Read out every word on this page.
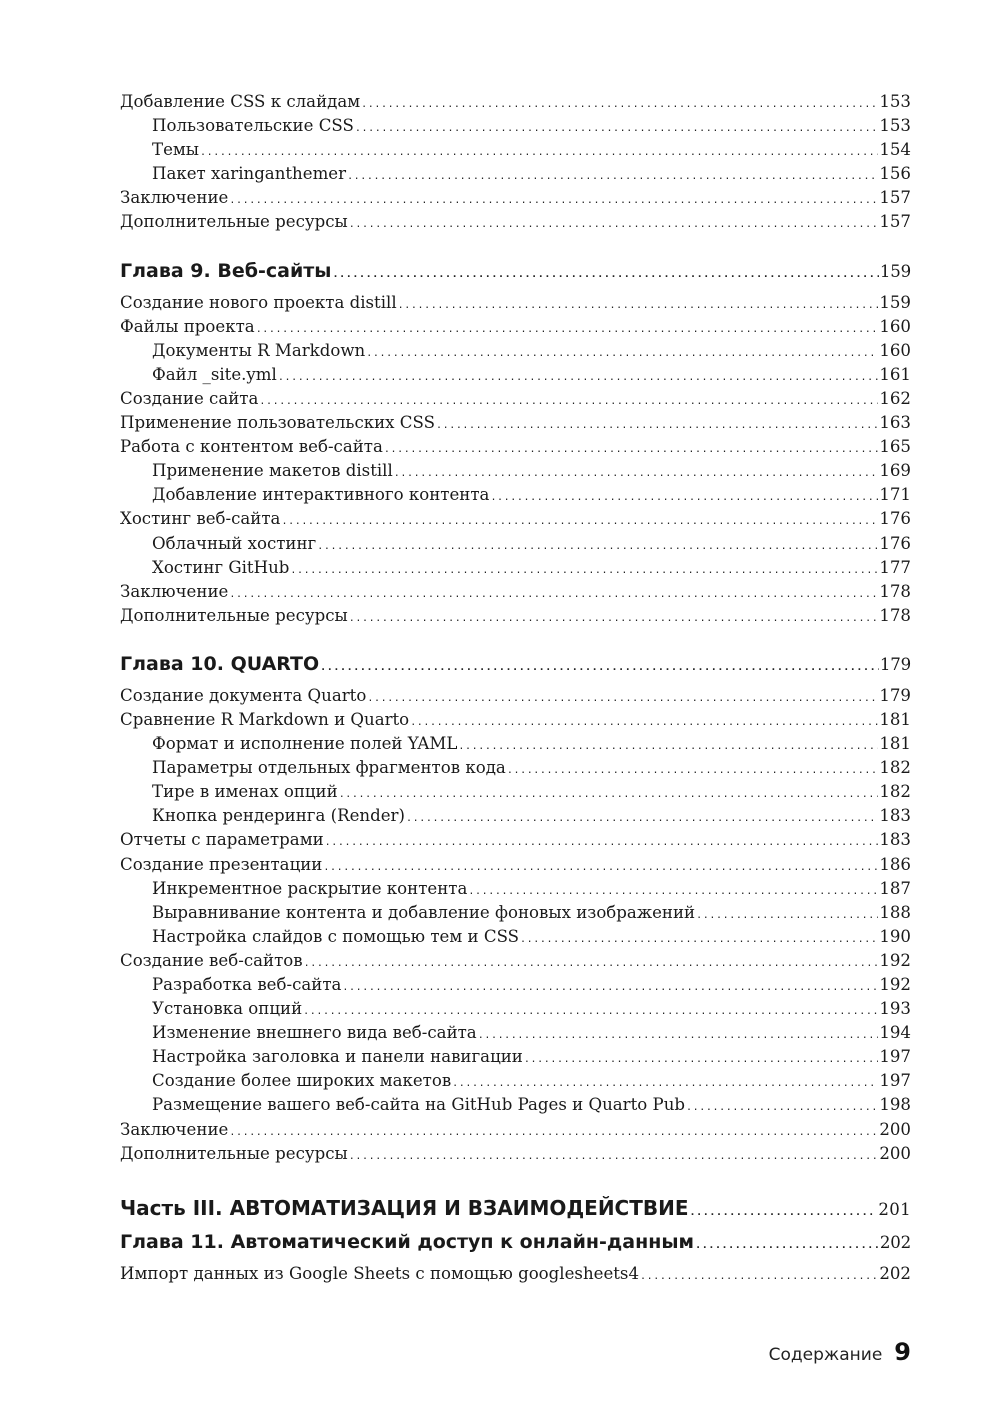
Добавление CSS к слайдам .....	153
Пользовательские CSS .....	153
Темы .....	154
Пакет xaringanthemer .....	156
Заключение .....	157
Дополнительные ресурсы .....	157
Глава 9. Веб-сайты .....	159
Создание нового проекта distill .....	159
Файлы проекта .....	160
Документы R Markdown .....	160
Файл _site.yml .....	161
Создание сайта .....	162
Применение пользовательских CSS .....	163
Работа с контентом веб-сайта .....	165
Применение макетов distill .....	169
Добавление интерактивного контента .....	171
Хостинг веб-сайта .....	176
Облачный хостинг .....	176
Хостинг GitHub .....	177
Заключение .....	178
Дополнительные ресурсы .....	178
Глава 10. QUARTO .....	179
Создание документа Quarto .....	179
Сравнение R Markdown и Quarto .....	181
Формат и исполнение полей YAML .....	181
Параметры отдельных фрагментов кода .....	182
Тире в именах опций .....	182
Кнопка рендеринга (Render) .....	183
Отчеты с параметрами .....	183
Создание презентации .....	186
Инкрементное раскрытие контента .....	187
Выравнивание контента и добавление фоновых изображений .....	188
Настройка слайдов с помощью тем и CSS .....	190
Создание веб-сайтов .....	192
Разработка веб-сайта .....	192
Установка опций .....	193
Изменение внешнего вида веб-сайта .....	194
Настройка заголовка и панели навигации .....	197
Создание более широких макетов .....	197
Размещение вашего веб-сайта на GitHub Pages и Quarto Pub .....	198
Заключение .....	200
Дополнительные ресурсы .....	200
Часть III. АВТОМАТИЗАЦИЯ И ВЗАИМОДЕЙСТВИЕ .....	201
Глава 11. Автоматический доступ к онлайн-данным .....	202
Импорт данных из Google Sheets с помощью googlesheets4 .....	202
Содержание 9
